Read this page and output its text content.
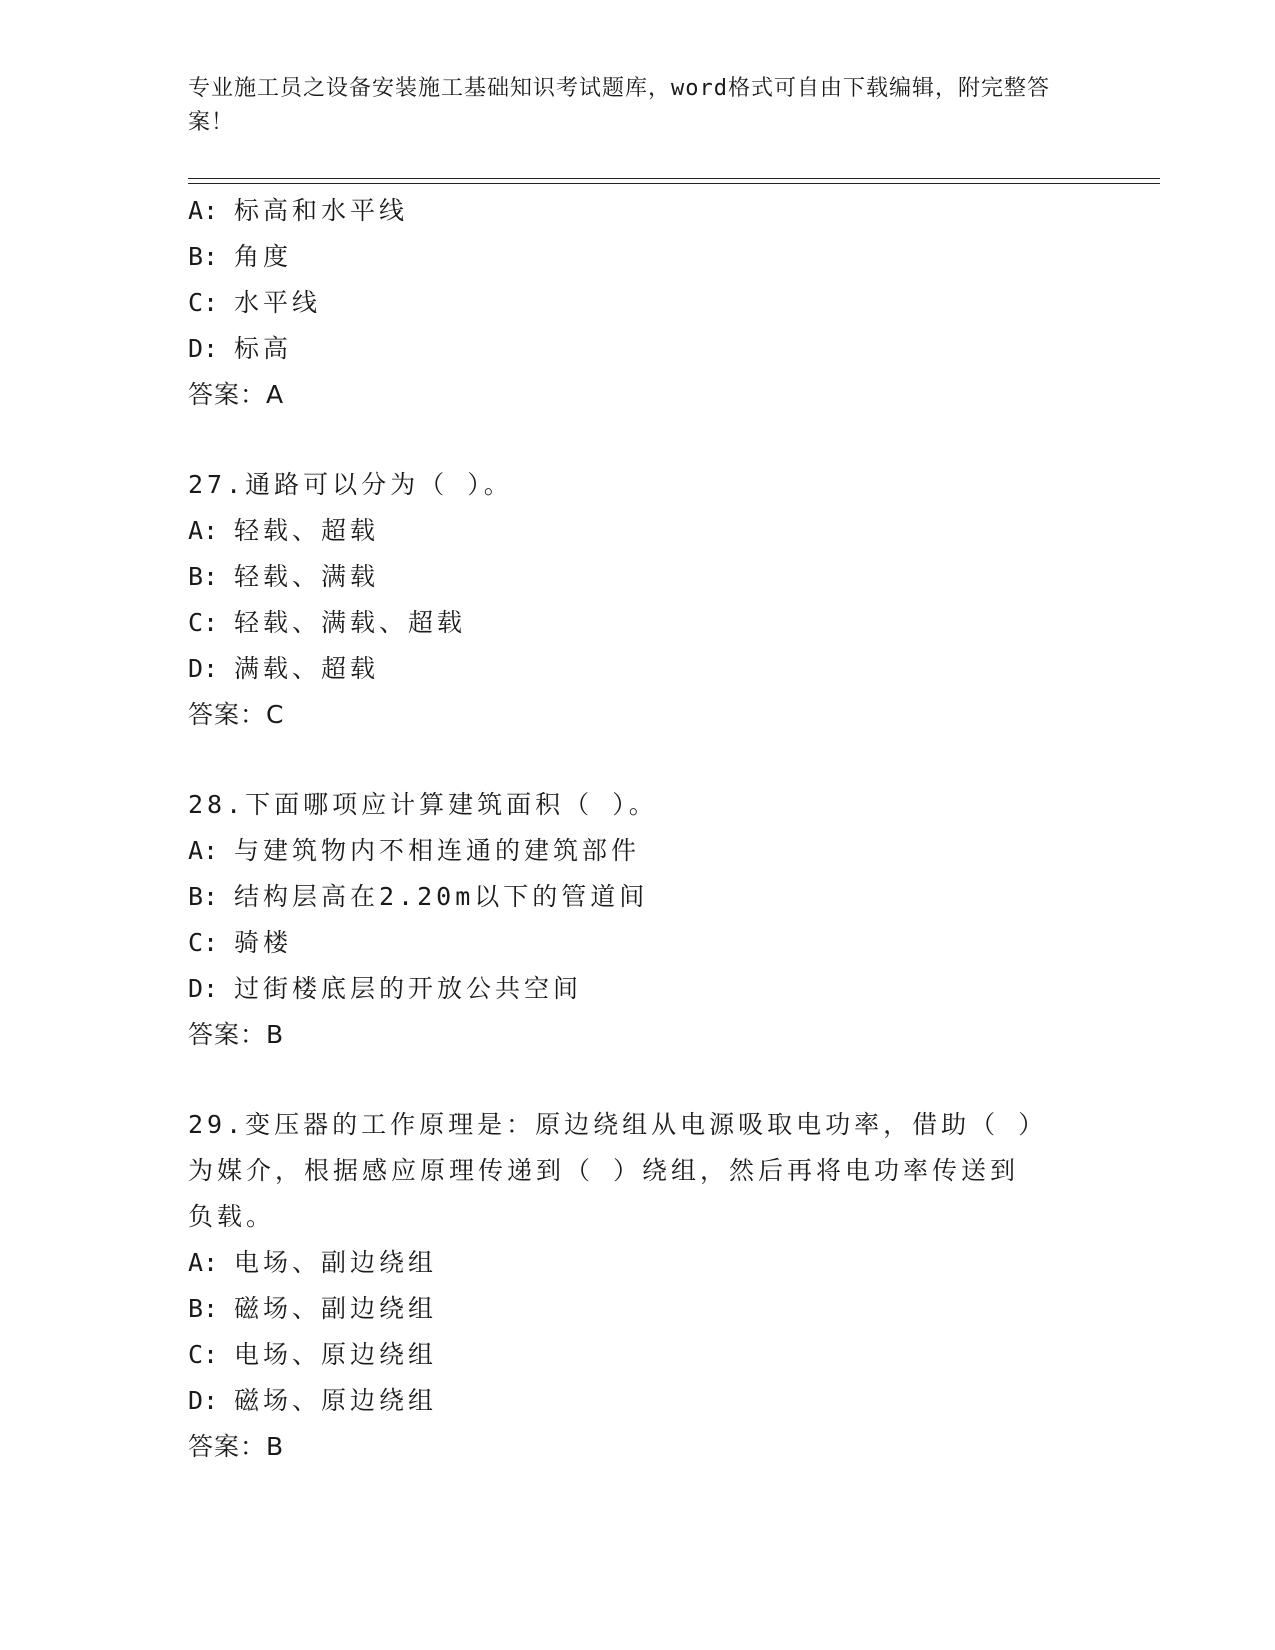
专业施工员之设备安装施工基础知识考试题库，word格式可自由下载编辑，附完整答案！
A: 标高和水平线
B: 角度
C: 水平线
D: 标高
答案：A
27.通路可以分为（ ）。
A: 轻载、超载
B: 轻载、满载
C: 轻载、满载、超载
D: 满载、超载
答案：C
28.下面哪项应计算建筑面积（ ）。
A: 与建筑物内不相连通的建筑部件
B: 结构层高在2.20m以下的管道间
C: 骑楼
D: 过街楼底层的开放公共空间
答案：B
29.变压器的工作原理是：原边绕组从电源吸取电功率，借助（ ）为媒介，根据感应原理传递到（ ）绕组，然后再将电功率传送到负载。
A: 电场、副边绕组
B: 磁场、副边绕组
C: 电场、原边绕组
D: 磁场、原边绕组
答案：B
